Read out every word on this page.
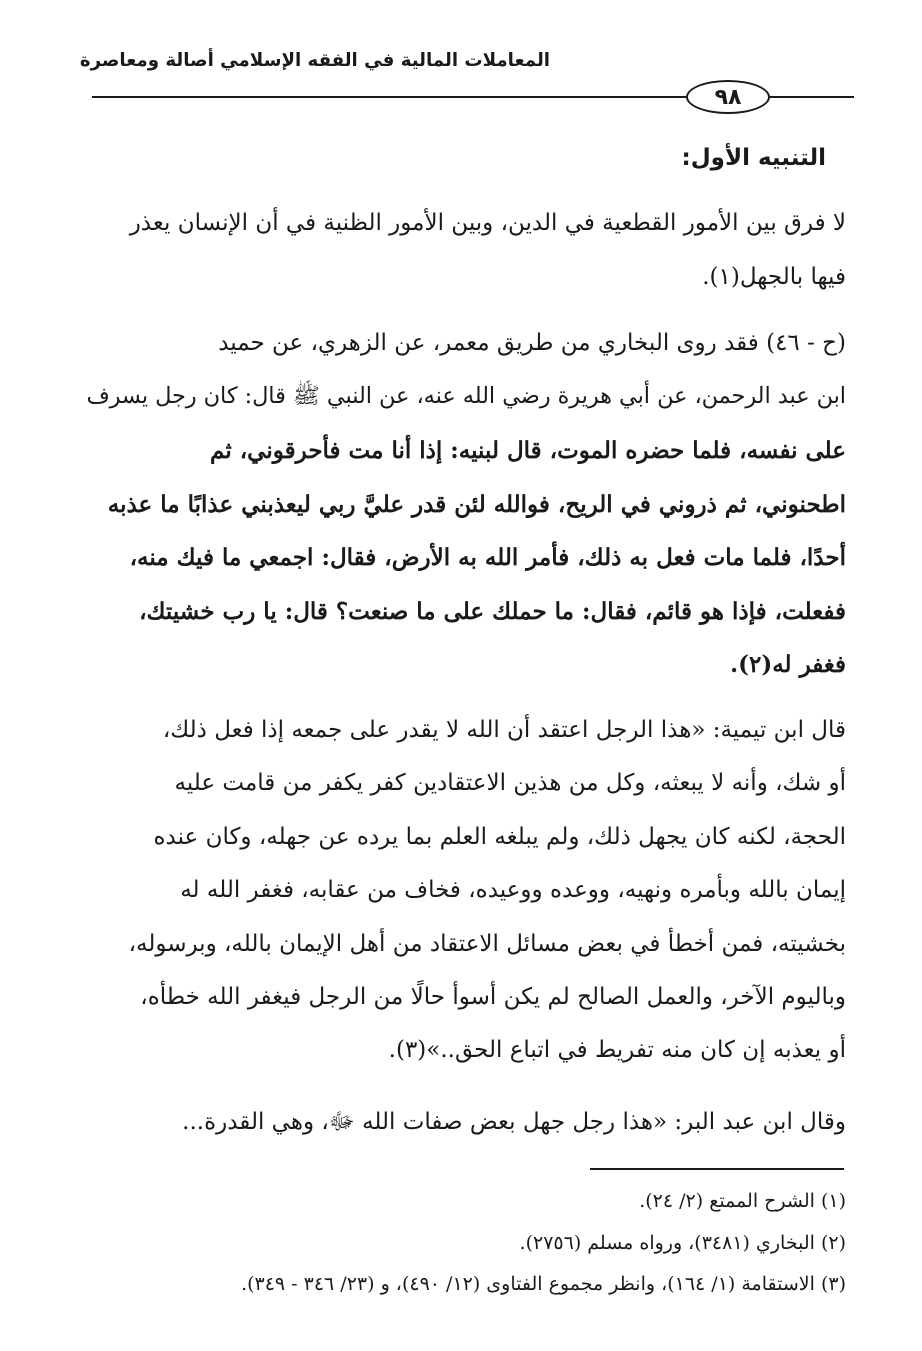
المعاملات المالية في الفقه الإسلامي أصالة ومعاصرة
٩٨
التنبيه الأول:
لا فرق بين الأمور القطعية في الدين، وبين الأمور الظنية في أن الإنسان يعذر
فيها بالجهل(١).
(ح - ٤٦) فقد روى البخاري من طريق معمر، عن الزهري، عن حميد
ابن عبد الرحمن، عن أبي هريرة رضي الله عنه، عن النبي ﷺ قال: كان رجل يسرف
على نفسه، فلما حضره الموت، قال لبنيه: إذا أنا مت فأحرقوني، ثم
اطحنوني، ثم ذروني في الريح، فوالله لئن قدر عليَّ ربي ليعذبني عذابًا ما عذبه
أحدًا، فلما مات فعل به ذلك، فأمر الله به الأرض، فقال: اجمعي ما فيك منه،
ففعلت، فإذا هو قائم، فقال: ما حملك على ما صنعت؟ قال: يا رب خشيتك،
فغفر له(٢).
قال ابن تيمية: «هذا الرجل اعتقد أن الله لا يقدر على جمعه إذا فعل ذلك،
أو شك، وأنه لا يبعثه، وكل من هذين الاعتقادين كفر يكفر من قامت عليه
الحجة، لكنه كان يجهل ذلك، ولم يبلغه العلم بما يرده عن جهله، وكان عنده
إيمان بالله وبأمره ونهيه، ووعده ووعيده، فخاف من عقابه، فغفر الله له
بخشيته، فمن أخطأ في بعض مسائل الاعتقاد من أهل الإيمان بالله، وبرسوله،
وباليوم الآخر، والعمل الصالح لم يكن أسوأ حالًا من الرجل فيغفر الله خطأه،
أو يعذبه إن كان منه تفريط في اتباع الحق..»(٣).
وقال ابن عبد البر: «هذا رجل جهل بعض صفات الله ﷻ، وهي القدرة...
(١) الشرح الممتع (٢/ ٢٤).
(٢) البخاري (٣٤٨١)، ورواه مسلم (٢٧٥٦).
(٣) الاستقامة (١/ ١٦٤)، وانظر مجموع الفتاوى (١٢/ ٤٩٠)، و (٢٣/ ٣٤٦ - ٣٤٩).
